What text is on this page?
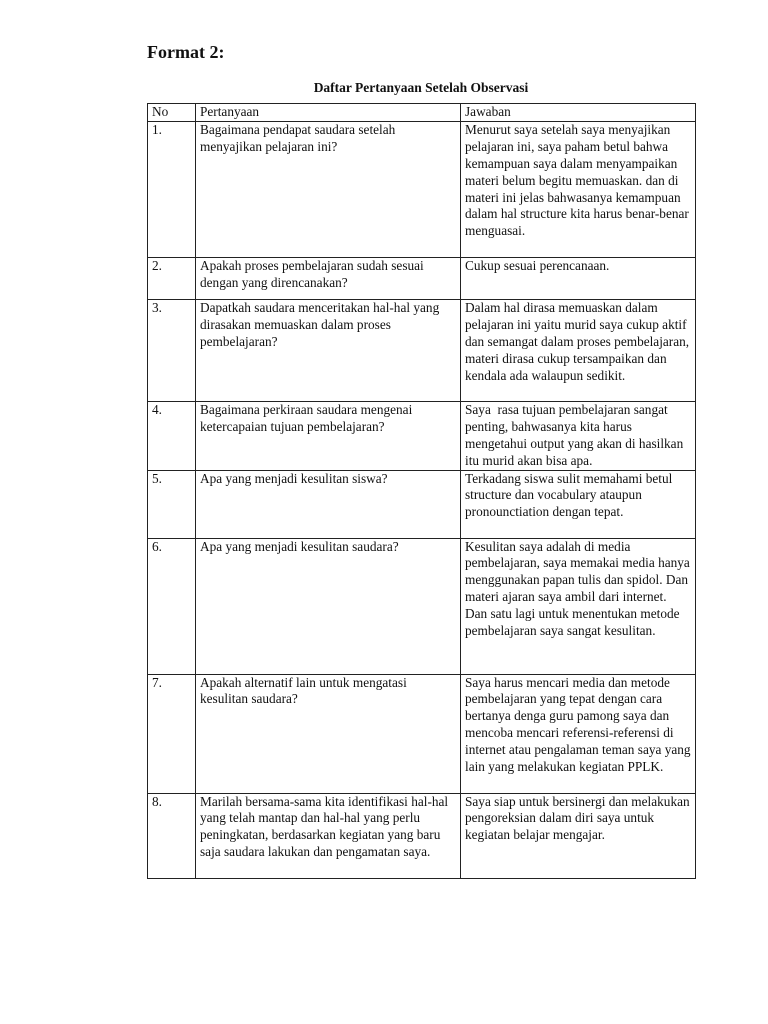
Format 2:
Daftar Pertanyaan Setelah Observasi
No	Pertanyaan	Jawaban
1.	Bagaimana pendapat saudara setelah menyajikan pelajaran ini?	Menurut saya setelah saya menyajikan pelajaran ini, saya paham betul bahwa kemampuan saya dalam menyampaikan materi belum begitu memuaskan. dan di materi ini jelas bahwasanya kemampuan dalam hal structure kita harus benar-benar menguasai.
2.	Apakah proses pembelajaran sudah sesuai dengan yang direncanakan?	Cukup sesuai perencanaan.
3.	Dapatkah saudara menceritakan hal-hal yang dirasakan memuaskan dalam proses pembelajaran?	Dalam hal dirasa memuaskan dalam pelajaran ini yaitu murid saya cukup aktif dan semangat dalam proses pembelajaran, materi dirasa cukup tersampaikan dan kendala ada walaupun sedikit.
4.	Bagaimana perkiraan saudara mengenai ketercapaian tujuan pembelajaran?	Saya  rasa tujuan pembelajaran sangat penting, bahwasanya kita harus mengetahui output yang akan di hasilkan itu murid akan bisa apa.
5.	Apa yang menjadi kesulitan siswa?	Terkadang siswa sulit memahami betul structure dan vocabulary ataupun pronounctiation dengan tepat.
6.	Apa yang menjadi kesulitan saudara?	Kesulitan saya adalah di media pembelajaran, saya memakai media hanya menggunakan papan tulis dan spidol. Dan materi ajaran saya ambil dari internet. Dan satu lagi untuk menentukan metode pembelajaran saya sangat kesulitan.
7.	Apakah alternatif lain untuk mengatasi kesulitan saudara?	Saya harus mencari media dan metode pembelajaran yang tepat dengan cara bertanya denga guru pamong saya dan mencoba mencari referensi-referensi di internet atau pengalaman teman saya yang lain yang melakukan kegiatan PPLK.
8.	Marilah bersama-sama kita identifikasi hal-hal yang telah mantap dan hal-hal yang perlu peningkatan, berdasarkan kegiatan yang baru saja saudara lakukan dan pengamatan saya.	Saya siap untuk bersinergi dan melakukan pengoreksian dalam diri saya untuk kegiatan belajar mengajar.
